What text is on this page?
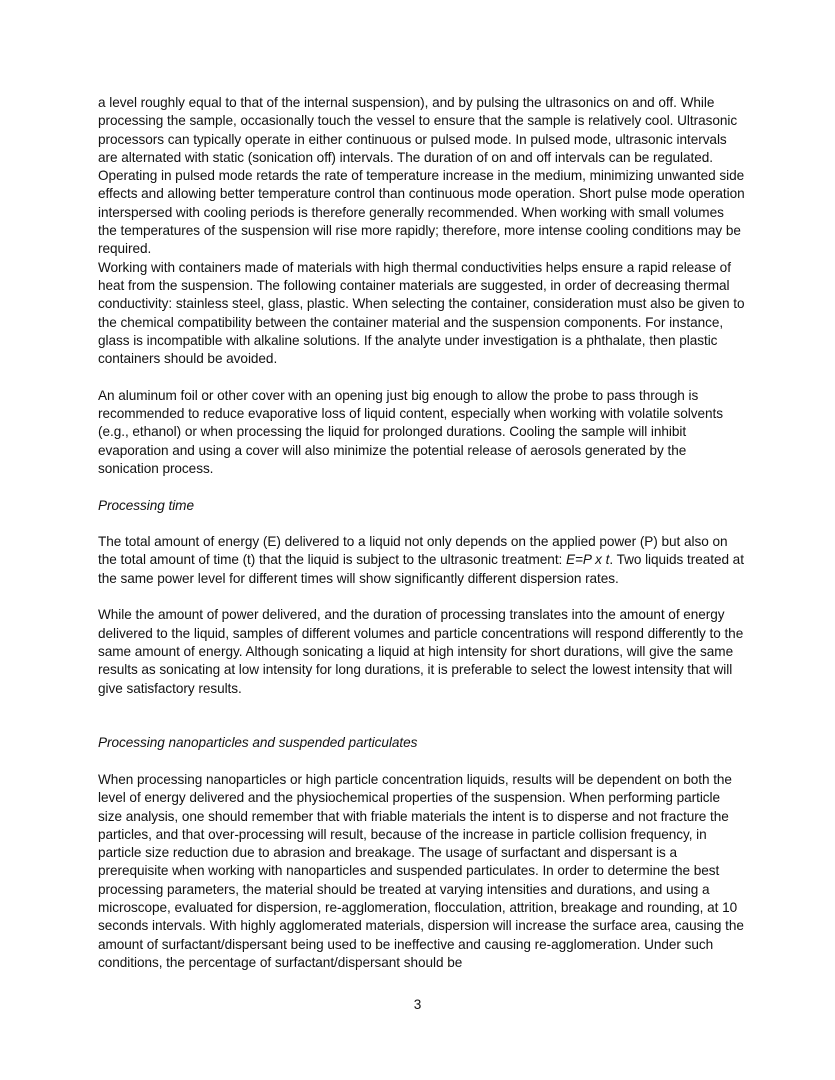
a level roughly equal to that of the internal suspension), and by pulsing the ultrasonics on and off. While processing the sample, occasionally touch the vessel to ensure that the sample is relatively cool. Ultrasonic processors can typically operate in either continuous or pulsed mode. In pulsed mode, ultrasonic intervals are alternated with static (sonication off) intervals. The duration of on and off intervals can be regulated. Operating in pulsed mode retards the rate of temperature increase in the medium, minimizing unwanted side effects and allowing better temperature control than continuous mode operation. Short pulse mode operation interspersed with cooling periods is therefore generally recommended. When working with small volumes the temperatures of the suspension will rise more rapidly; therefore, more intense cooling conditions may be required.

Working with containers made of materials with high thermal conductivities helps ensure a rapid release of heat from the suspension. The following container materials are suggested, in order of decreasing thermal conductivity: stainless steel, glass, plastic. When selecting the container, consideration must also be given to the chemical compatibility between the container material and the suspension components. For instance, glass is incompatible with alkaline solutions. If the analyte under investigation is a phthalate, then plastic containers should be avoided.

An aluminum foil or other cover with an opening just big enough to allow the probe to pass through is recommended to reduce evaporative loss of liquid content, especially when working with volatile solvents (e.g., ethanol) or when processing the liquid for prolonged durations. Cooling the sample will inhibit evaporation and using a cover will also minimize the potential release of aerosols generated by the sonication process.

Processing time

The total amount of energy (E) delivered to a liquid not only depends on the applied power (P) but also on the total amount of time (t) that the liquid is subject to the ultrasonic treatment: E=P x t. Two liquids treated at the same power level for different times will show significantly different dispersion rates.

While the amount of power delivered, and the duration of processing translates into the amount of energy delivered to the liquid, samples of different volumes and particle concentrations will respond differently to the same amount of energy. Although sonicating a liquid at high intensity for short durations, will give the same results as sonicating at low intensity for long durations, it is preferable to select the lowest intensity that will give satisfactory results.

Processing nanoparticles and suspended particulates

When processing nanoparticles or high particle concentration liquids, results will be dependent on both the level of energy delivered and the physiochemical properties of the suspension. When performing particle size analysis, one should remember that with friable materials the intent is to disperse and not fracture the particles, and that over-processing will result, because of the increase in particle collision frequency, in particle size reduction due to abrasion and breakage. The usage of surfactant and dispersant is a prerequisite when working with nanoparticles and suspended particulates. In order to determine the best processing parameters, the material should be treated at varying intensities and durations, and using a microscope, evaluated for dispersion, re-agglomeration, flocculation, attrition, breakage and rounding, at 10 seconds intervals. With highly agglomerated materials, dispersion will increase the surface area, causing the amount of surfactant/dispersant being used to be ineffective and causing re-agglomeration. Under such conditions, the percentage of surfactant/dispersant should be

3
